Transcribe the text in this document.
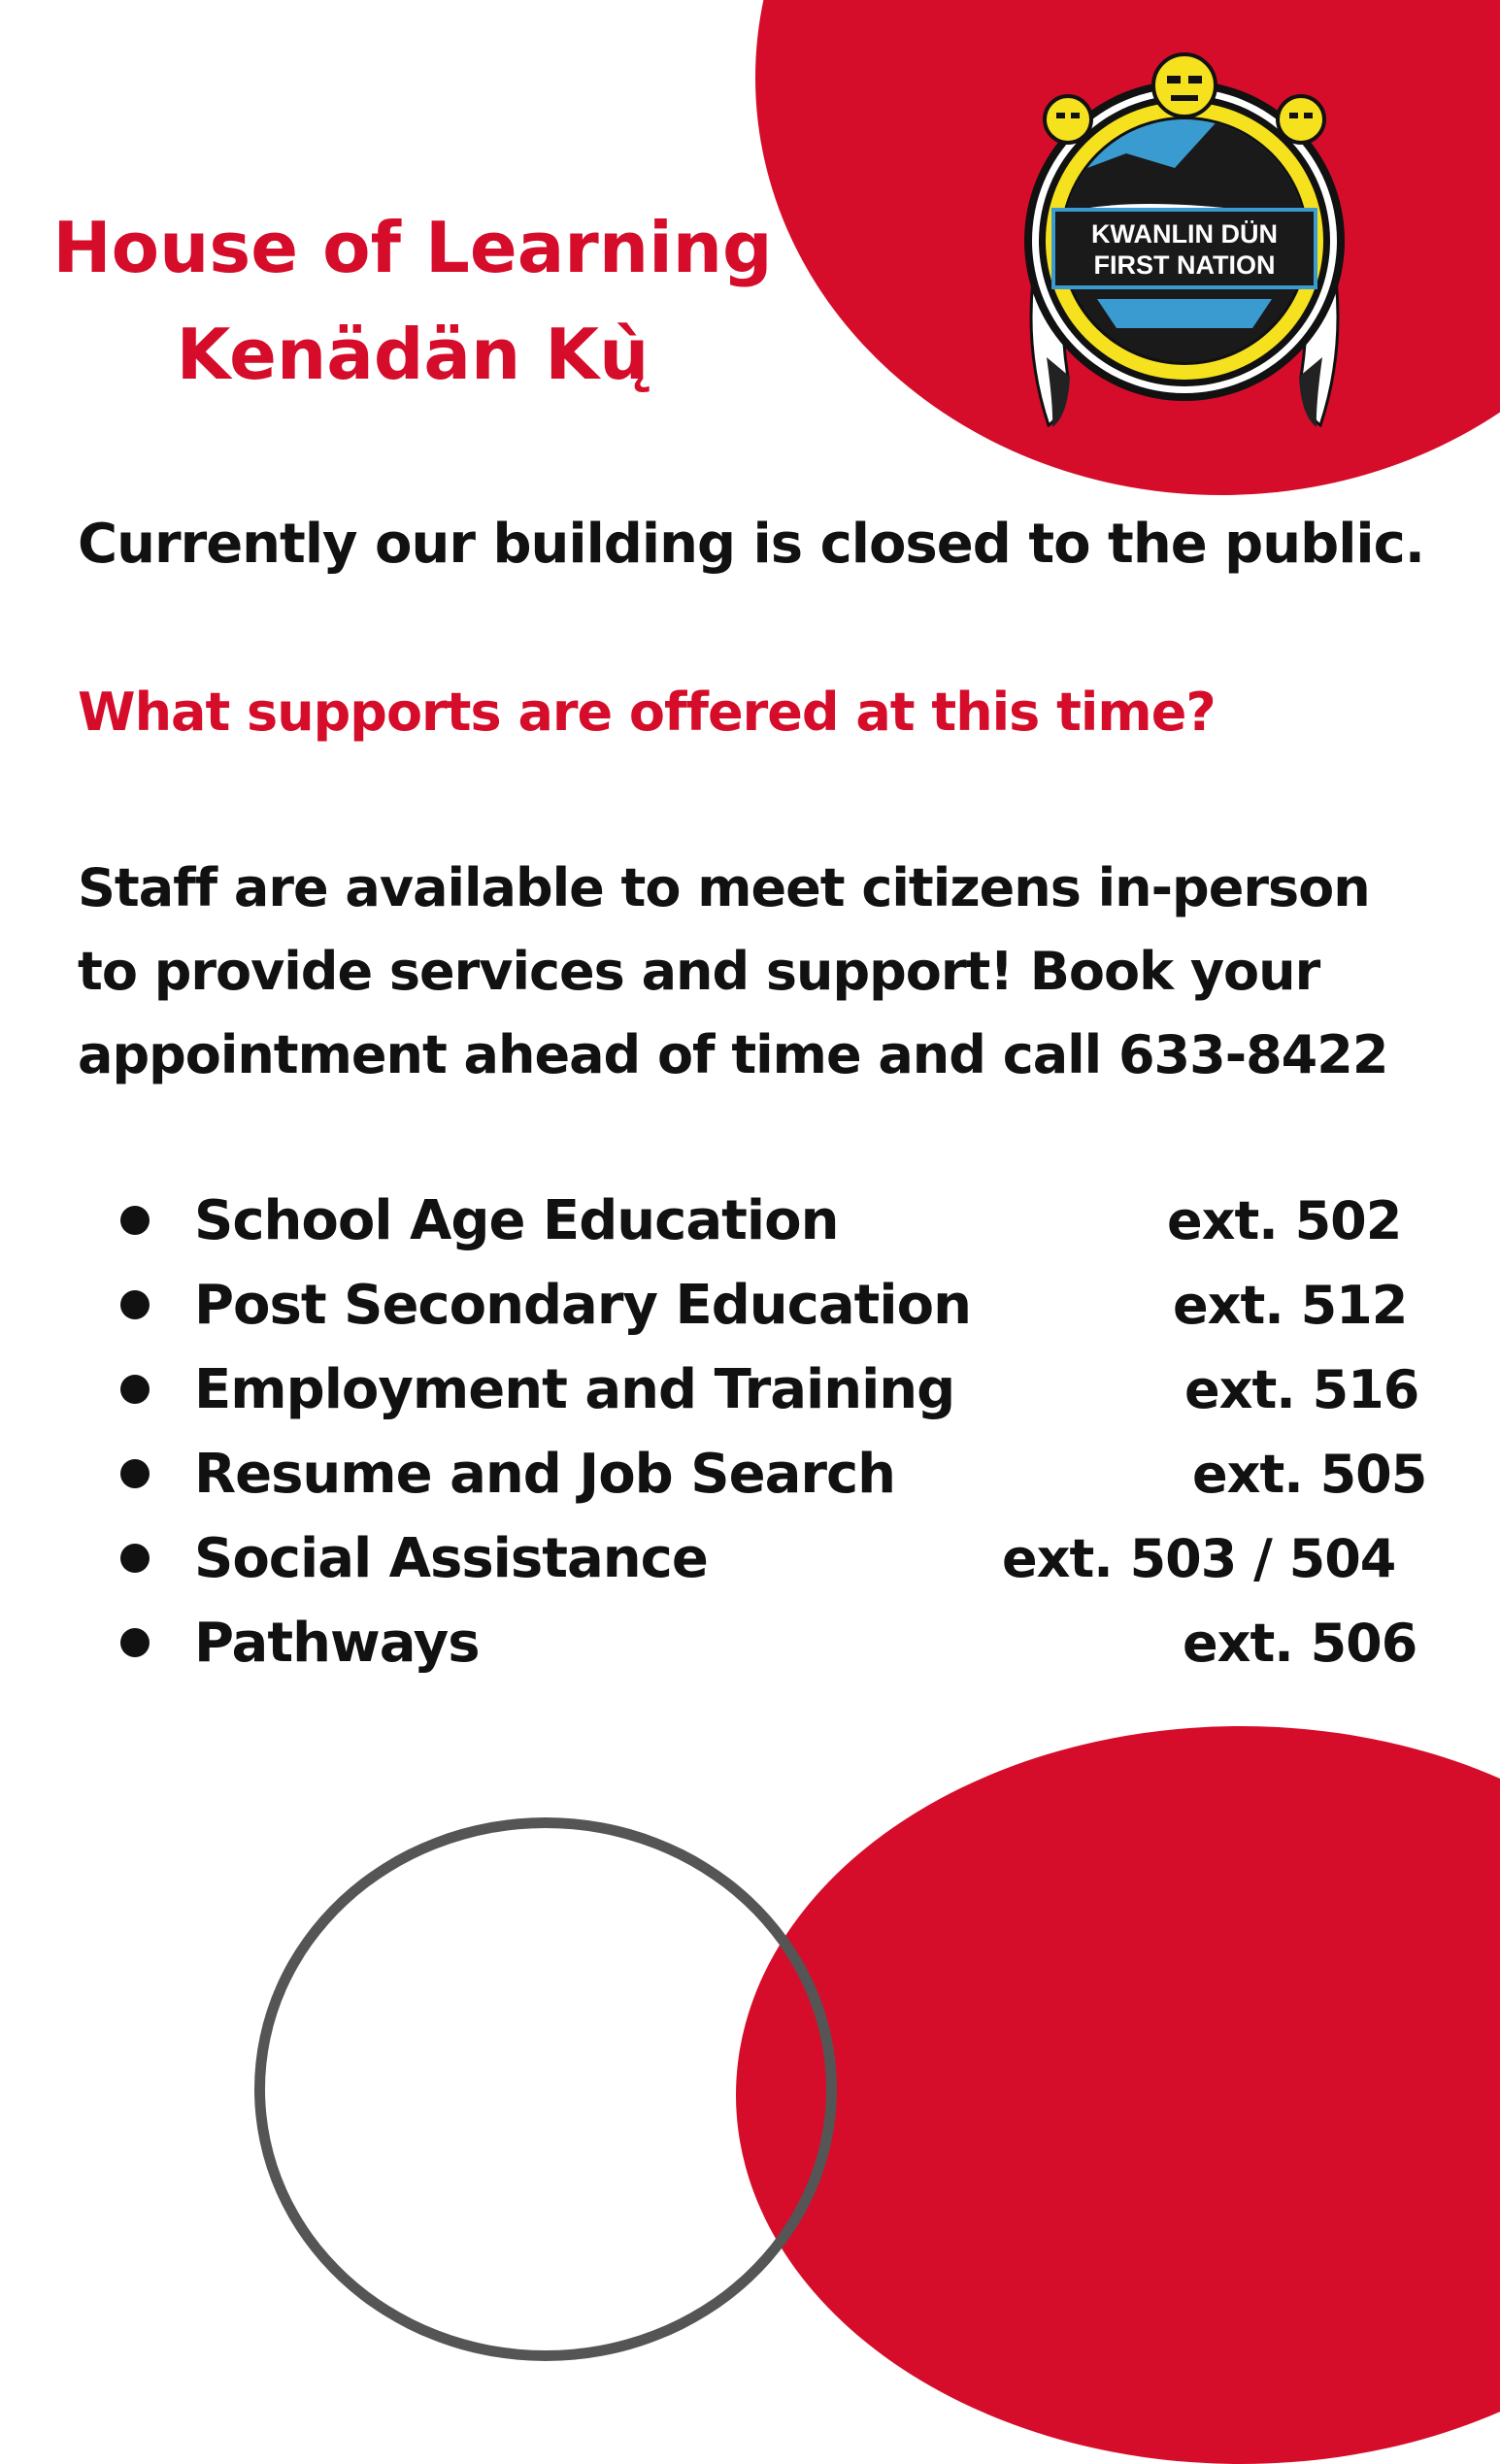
KWANLIN DÜN
FIRST NATION
House of Learning
Kenädän Kų̀
Currently our building is closed to the public.
What supports are offered at this time?
Staff are available to meet citizens in-person
to provide services and support! Book your
appointment ahead of time and call 633-8422
School Age Education	ext. 502
Post Secondary Education	ext. 512
Employment and Training	ext. 516
Resume and Job Search	ext. 505
Social Assistance	ext. 503 / 504
Pathways	ext. 506
